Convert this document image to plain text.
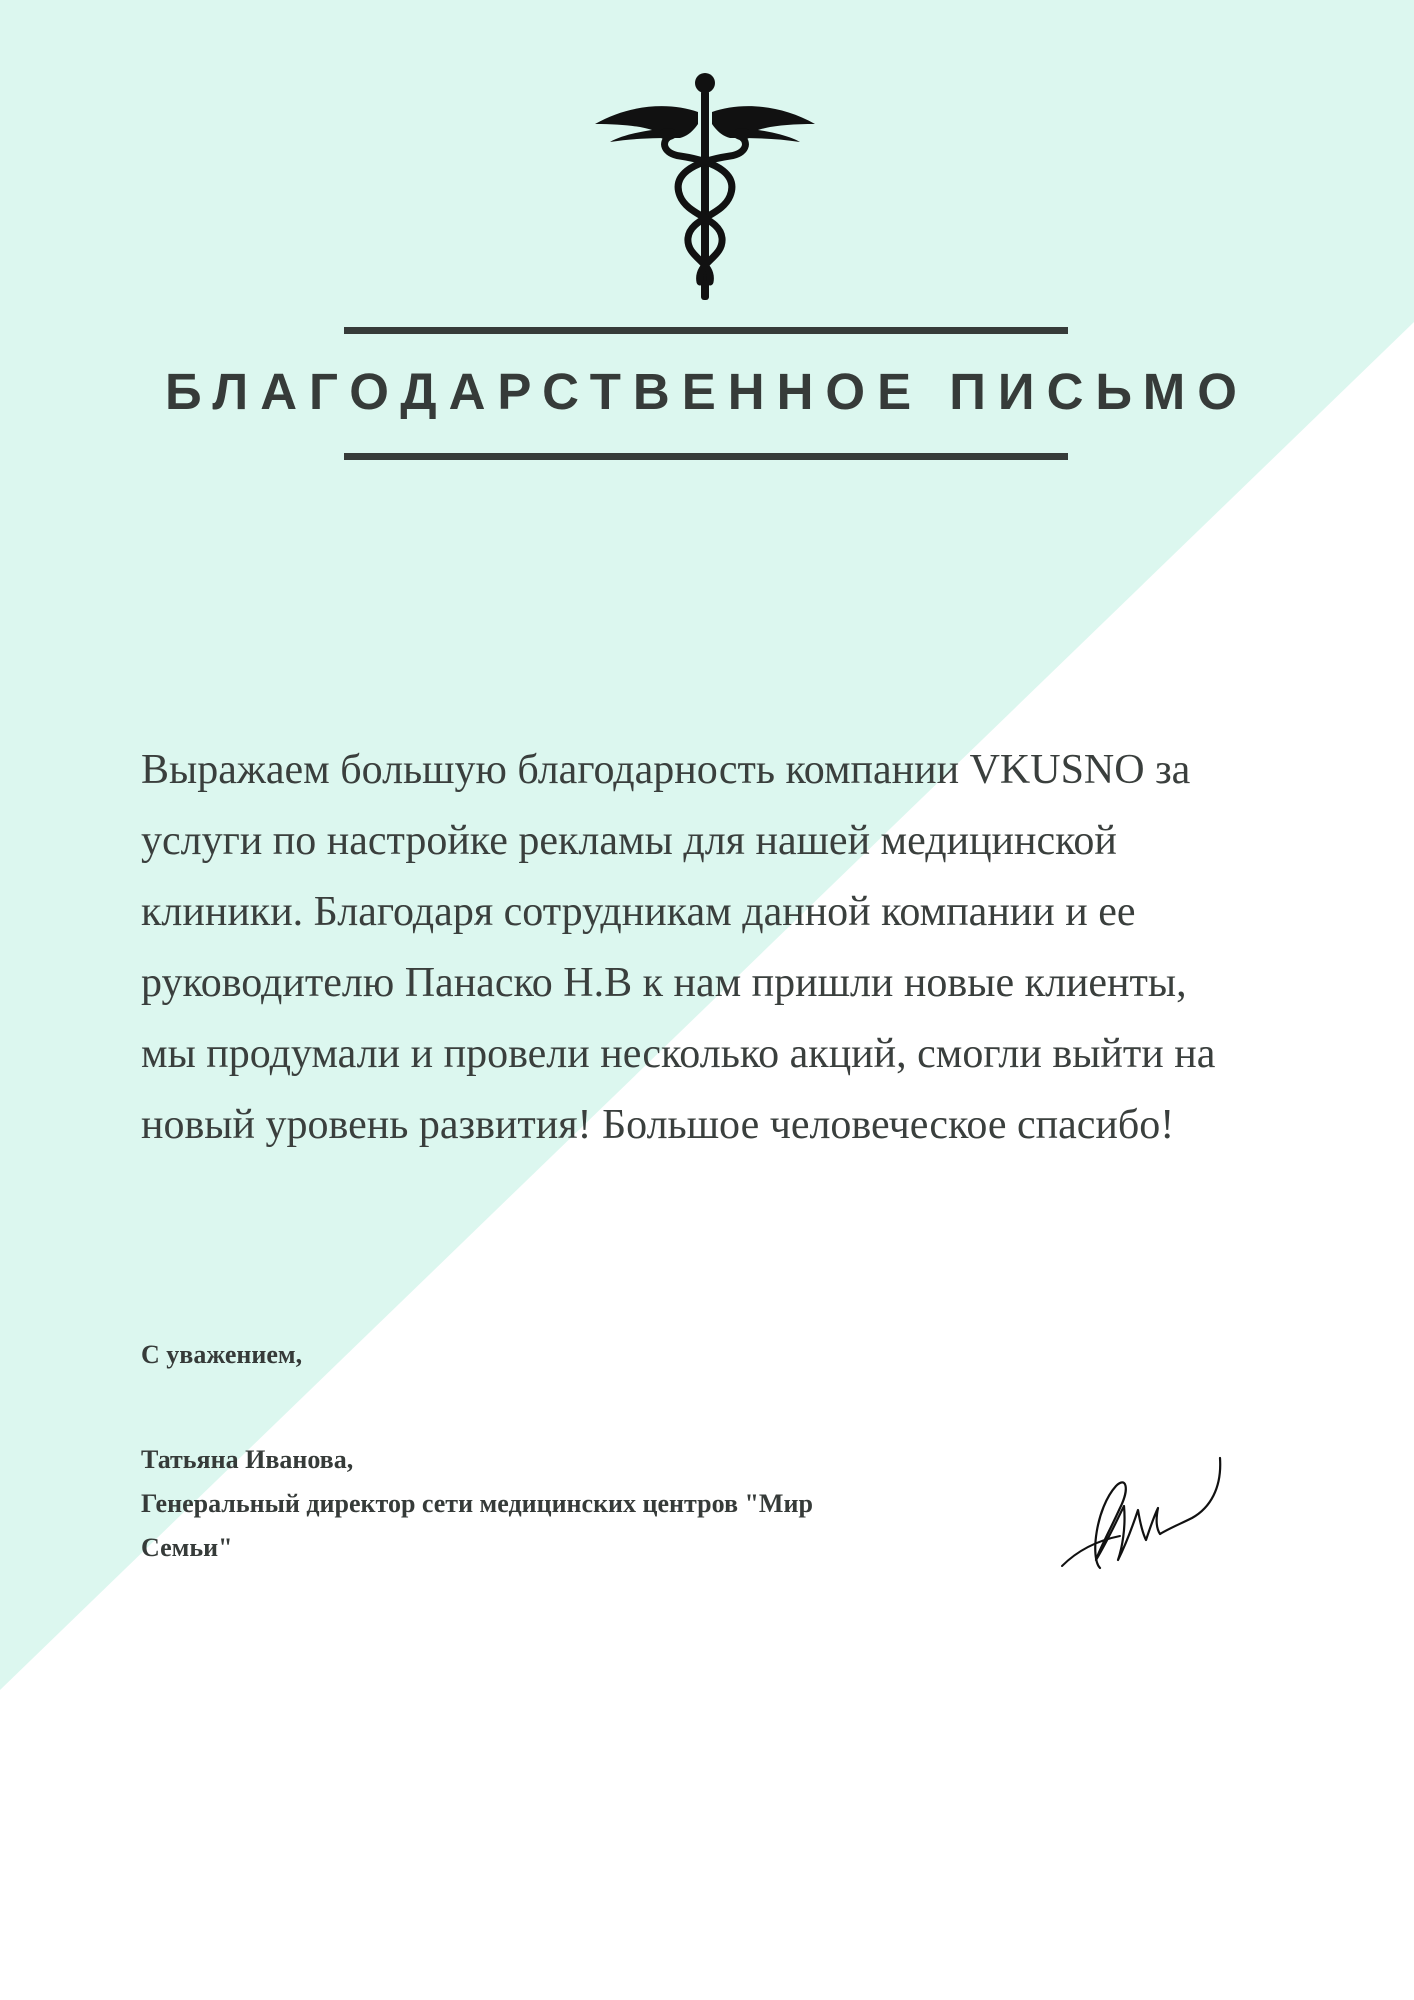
БЛАГОДАРСТВЕННОЕ ПИСЬМО

Выражаем большую благодарность компании VKUSNO за
услуги по настройке рекламы для нашей медицинской
клиники. Благодаря сотрудникам данной компании и ее
руководителю Панаско Н.В к нам пришли новые клиенты,
мы продумали и провели несколько акций, смогли выйти на
новый уровень развития! Большое человеческое спасибо!

С уважением,

Татьяна Иванова,
Генеральный директор сети медицинских центров "Мир
Семьи"
